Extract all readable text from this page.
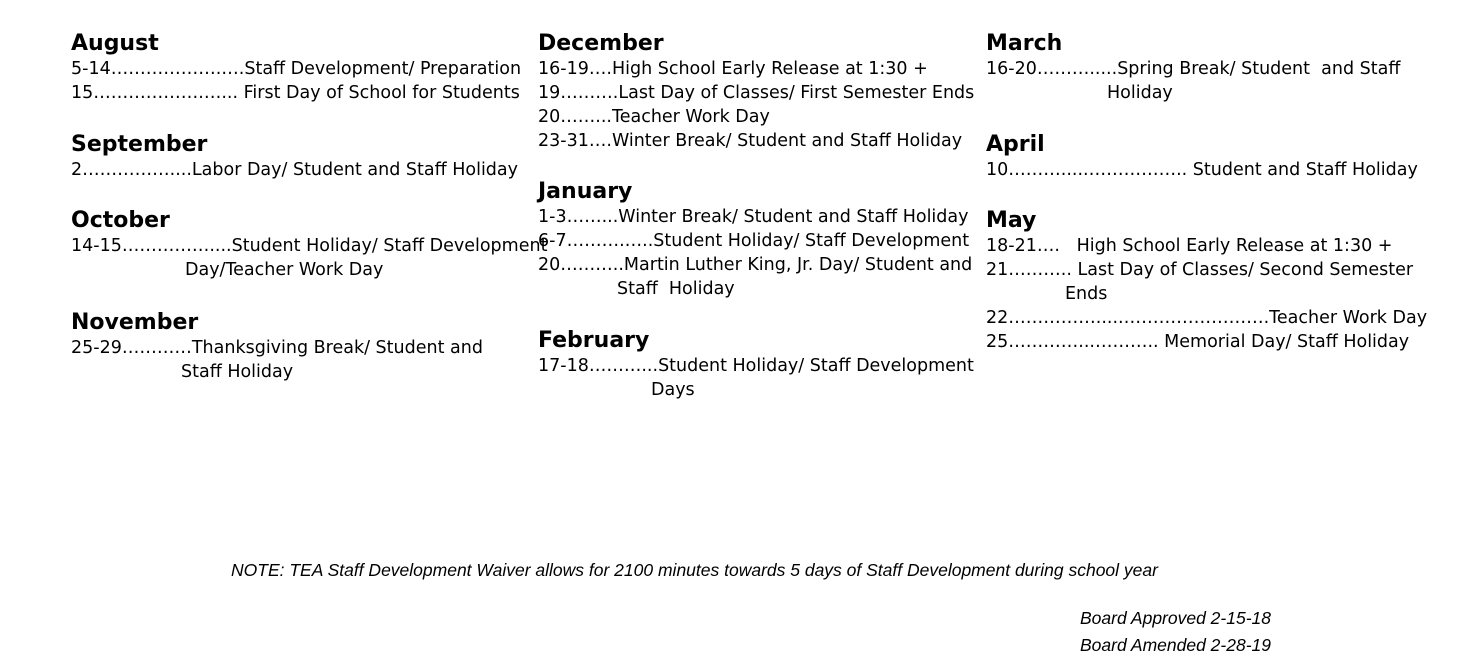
August

5-14……………….….Staff Development/ Preparation

15……………….…... First Day of School for Students

September

2……………....Labor Day/ Student and Staff Holiday

October

14-15……………....Student Holiday/ Staff Development
Day/Teacher Work Day

November

25-29…………Thanksgiving Break/ Student and
Staff Holiday

December

16-19….High School Early Release at 1:30 +

19……….Last Day of Classes/ First Semester Ends

20……...Teacher Work Day

23-31….Winter Break/ Student and Staff Holiday

January

1-3……...Winter Break/ Student and Staff Holiday

6-7……….…..Student Holiday/ Staff Development

20………..Martin Luther King, Jr. Day/ Student and
Staff  Holiday

February

17-18………...Student Holiday/ Staff Development
Days

March

16-20……….....Spring Break/ Student  and Staff
Holiday

April

10……….....…………….. Student and Staff Holiday

May

18-21….   High School Early Release at 1:30 +

21……….. Last Day of Classes/ Second Semester
Ends

22…………….....…………………….Teacher Work Day

25…………...……….. Memorial Day/ Staff Holiday

NOTE: TEA Staff Development Waiver allows for 2100 minutes towards 5 days of Staff Development during school year
Board Approved 2-15-18
Board Amended 2-28-19
